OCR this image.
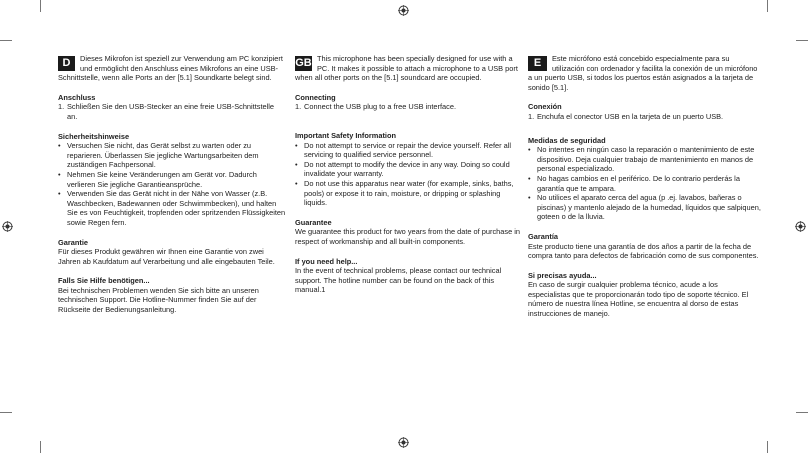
D	Dieses Mikrofon ist speziell zur Verwendung am PC konzipiert und ermöglicht den Anschluss eines Mikrofons an eine USB-Schnittstelle, wenn alle Ports an der [5.1] Soundkarte belegt sind.
Anschluss
1. Schließen Sie den USB-Stecker an eine freie USB-Schnittstelle an.
Sicherheitshinweise
• Versuchen Sie nicht, das Gerät selbst zu warten oder zu reparieren. Überlassen Sie jegliche Wartungsarbeiten dem zuständigen Fachpersonal.
• Nehmen Sie keine Veränderungen am Gerät vor. Dadurch verlieren Sie jegliche Garantieansprüche.
• Verwenden Sie das Gerät nicht in der Nähe von Wasser (z.B. Waschbecken, Badewannen oder Schwimmbecken), und halten Sie es von Feuchtigkeit, tropfenden oder spritzenden Flüssigkeiten sowie Regen fern.
Garantie
Für dieses Produkt gewähren wir Ihnen eine Garantie von zwei Jahren ab Kaufdatum auf Verarbeitung und alle eingebauten Teile.
Falls Sie Hilfe benötigen...
Bei technischen Problemen wenden Sie sich bitte an unseren technischen Support. Die Hotline-Nummer finden Sie auf der Rückseite der Bedienungsanleitung.
GB This microphone has been specially designed for use with a PC. It makes it possible to attach a microphone to a USB port when all other ports on the [5.1] soundcard are occupied.
Connecting
1. Connect the USB plug to a free USB interface.
Important Safety Information
• Do not attempt to service or repair the device yourself. Refer all servicing to qualified service personnel.
• Do not attempt to modify the device in any way. Doing so could invalidate your warranty.
• Do not use this apparatus near water (for example, sinks, baths, pools) or expose it to rain, moisture, or dripping or splashing liquids.
Guarantee
We guarantee this product for two years from the date of purchase in respect of workmanship and all built-in components.
If you need help...
In the event of technical problems, please contact our technical support. The hotline number can be found on the back of this manual.1
E	Este micrófono está concebido especialmente para su utilización con ordenador y facilita la conexión de un micrófono a un puerto USB, si todos los puertos están asignados a la tarjeta de sonido [5.1].
Conexión
1. Enchufa el conector USB en la tarjeta de un puerto USB.
Medidas de seguridad
• No intentes en ningún caso la reparación o mantenimiento de este dispositivo. Deja cualquier trabajo de mantenimiento en manos de personal especializado.
• No hagas cambios en el periférico. De lo contrario perderás la garantía que te ampara.
• No utilices el aparato cerca del agua (p .ej. lavabos, bañeras o piscinas) y mantenlo alejado de la humedad, líquidos que salpiquen, goteen o de la lluvia.
Garantía
Este producto tiene una garantía de dos años a partir de la fecha de compra tanto para defectos de fabricación como de sus componentes.
Si precisas ayuda...
En caso de surgir cualquier problema técnico, acude a los especialistas que te proporcionarán todo tipo de soporte técnico. El número de nuestra línea Hotline, se encuentra al dorso de estas instrucciones de manejo.
